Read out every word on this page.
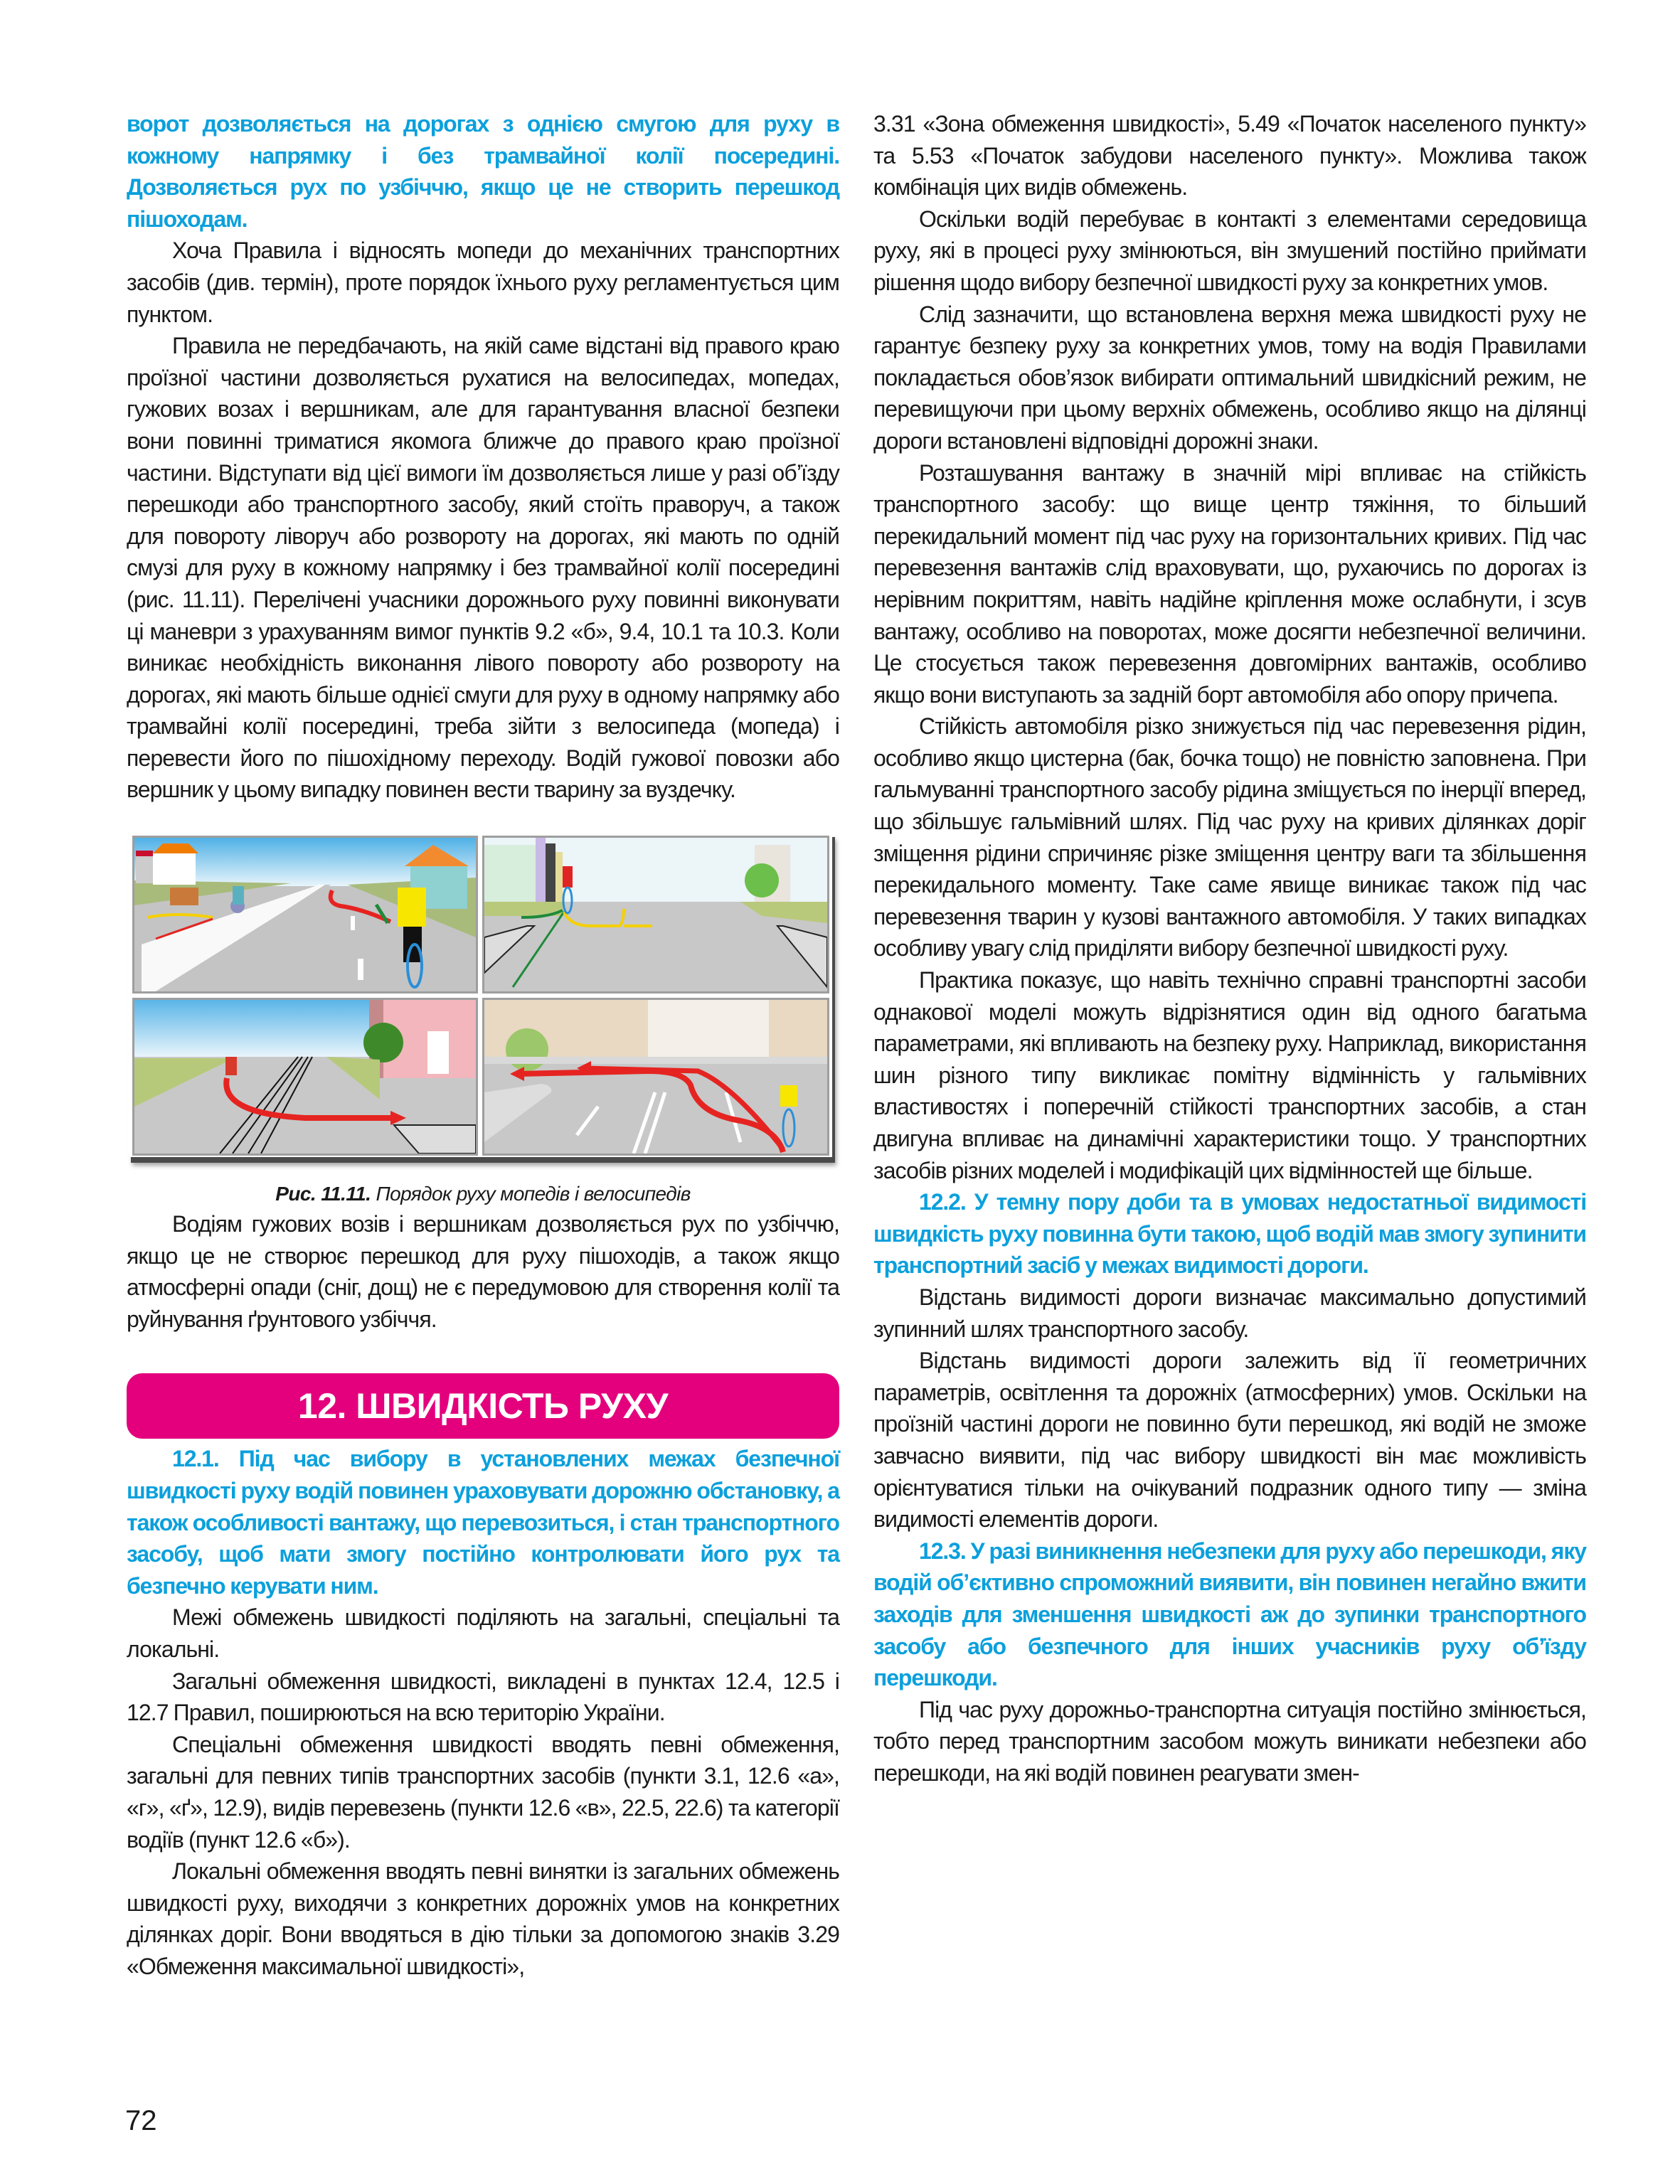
ворот дозволяється на дорогах з однією смугою для руху в кожному напрямку і без трамвайної колії посередині. Дозволяється рух по узбіччю, якщо це не створить перешкод пішоходам.

Хоча Правила і відносять мопеди до механічних транспортних засобів (див. термін), проте порядок їхнього руху регламентується цим пунктом.

Правила не передбачають, на якій саме відстані від правого краю проїзної частини дозволяється рухатися на велосипедах, мопедах, гужових возах і вершникам, але для гарантування власної безпеки вони повинні триматися якомога ближче до правого краю проїзної частини. Відступати від цієї вимоги їм дозволяється лише у разі об’їзду перешкоди або транспортного засобу, який стоїть праворуч, а також для повороту ліворуч або розвороту на дорогах, які мають по одній смузі для руху в кожному напрямку і без трамвайної колії посередині (рис. 11.11). Перелічені учасники дорожнього руху повинні виконувати ці маневри з урахуванням вимог пунктів 9.2 «б», 9.4, 10.1 та 10.3. Коли виникає необхідність виконання лівого повороту або розвороту на дорогах, які мають більше однієї смуги для руху в одному напрямку або трамвайні колії посередині, треба зійти з велосипеда (мопеда) і перевести його по пішохідному переходу. Водій гужової повозки або вершник у цьому випадку повинен вести тварину за вуздечку.

Рис. 11.11. Порядок руху мопедів і велосипедів

Водіям гужових возів і вершникам дозволяється рух по узбіччю, якщо це не створює перешкод для руху пішоходів, а також якщо атмосферні опади (сніг, дощ) не є передумовою для створення колії та руйнування ґрунтового узбіччя.

12. ШВИДКІСТЬ РУХУ

12.1. Під час вибору в установлених межах безпечної швидкості руху водій повинен ураховувати дорожню обстановку, а також особливості вантажу, що перевозиться, і стан транспортного засобу, щоб мати змогу постійно контролювати його рух та безпечно керувати ним.

Межі обмежень швидкості поділяють на загальні, спеціальні та локальні.

Загальні обмеження швидкості, викладені в пунктах 12.4, 12.5 і 12.7 Правил, поширюються на всю територію України.

Спеціальні обмеження швидкості вводять певні обмеження, загальні для певних типів транспортних засобів (пункти 3.1, 12.6 «а», «г», «ґ», 12.9), видів перевезень (пункти 12.6 «в», 22.5, 22.6) та категорії водіїв (пункт 12.6 «б»).

Локальні обмеження вводять певні винятки із загальних обмежень швидкості руху, виходячи з конкретних дорожніх умов на конкретних ділянках доріг. Вони вводяться в дію тільки за допомогою знаків 3.29 «Обмеження максимальної швидкості»,

3.31 «Зона обмеження швидкості», 5.49 «Початок населеного пункту» та 5.53 «Початок забудови населеного пункту». Можлива також комбінація цих видів обмежень.

Оскільки водій перебуває в контакті з елементами середовища руху, які в процесі руху змінюються, він змушений постійно приймати рішення щодо вибору безпечної швидкості руху за конкретних умов.

Слід зазначити, що встановлена верхня межа швидкості руху не гарантує безпеку руху за конкретних умов, тому на водія Правилами покладається обов’язок вибирати оптимальний швидкісний режим, не перевищуючи при цьому верхніх обмежень, особливо якщо на ділянці дороги встановлені відповідні дорожні знаки.

Розташування вантажу в значній мірі впливає на стійкість транспортного засобу: що вище центр тяжіння, то більший перекидальний момент під час руху на горизонтальних кривих. Під час перевезення вантажів слід враховувати, що, рухаючись по дорогах із нерівним покриттям, навіть надійне кріплення може ослабнути, і зсув вантажу, особливо на поворотах, може досягти небезпечної величини. Це стосується також перевезення довгомірних вантажів, особливо якщо вони виступають за задній борт автомобіля або опору причепа.

Стійкість автомобіля різко знижується під час перевезення рідин, особливо якщо цистерна (бак, бочка тощо) не повністю заповнена. При гальмуванні транспортного засобу рідина зміщується по інерції вперед, що збільшує гальмівний шлях. Під час руху на кривих ділянках доріг зміщення рідини спричиняє різке зміщення центру ваги та збільшення перекидального моменту. Таке саме явище виникає також під час перевезення тварин у кузові вантажного автомобіля. У таких випадках особливу увагу слід приділяти вибору безпечної швидкості руху.

Практика показує, що навіть технічно справні транспортні засоби однакової моделі можуть відрізнятися один від одного багатьма параметрами, які впливають на безпеку руху. Наприклад, використання шин різного типу викликає помітну відмінність у гальмівних властивостях і поперечній стійкості транспортних засобів, а стан двигуна впливає на динамічні характеристики тощо. У транспортних засобів різних моделей і модифікацій цих відмінностей ще більше.

12.2. У темну пору доби та в умовах недостатньої видимості швидкість руху повинна бути такою, щоб водій мав змогу зупинити транспортний засіб у межах видимості дороги.

Відстань видимості дороги визначає максимально допустимий зупинний шлях транспортного засобу.

Відстань видимості дороги залежить від її геометричних параметрів, освітлення та дорожніх (атмосферних) умов. Оскільки на проїзній частині дороги не повинно бути перешкод, які водій не зможе завчасно виявити, під час вибору швидкості він має можливість орієнтуватися тільки на очікуваний подразник одного типу — зміна видимості елементів дороги.

12.3. У разі виникнення небезпеки для руху або перешкоди, яку водій об’єктивно спроможний виявити, він повинен негайно вжити заходів для зменшення швидкості аж до зупинки транспортного засобу або безпечного для інших учасників руху об’їзду перешкоди.

Під час руху дорожньо-транспортна ситуація постійно змінюється, тобто перед транспортним засобом можуть виникати небезпеки або перешкоди, на які водій повинен реагувати змен-

72
